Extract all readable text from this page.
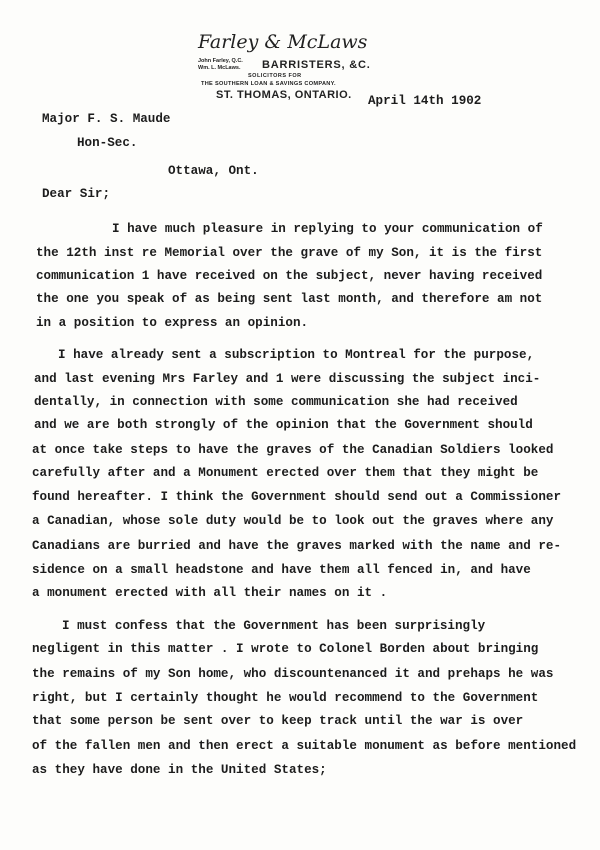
Farley & McLaws
John Farley, Q.C.
Wm. L. McLaws. BARRISTERS, &C.
SOLICITORS FOR
THE SOUTHERN LOAN & SAVINGS COMPANY.
ST. THOMAS, ONTARIO. April 14th 1902
Major F. S. Maude
Hon-Sec.
Ottawa, Ont.
Dear Sir;
I have much pleasure in replying to your communication of
the 12th inst re Memorial over the grave of my Son, it is the first
communication 1 have received on the subject, never having received
the one you speak of as being sent last month, and therefore am not
in a position to express an opinion.
I have already sent a subscription to Montreal for the purpose,
and last evening Mrs Farley and 1 were discussing the subject inci-
dentally, in connection with some communication she had received
and we are both strongly of the opinion that the Government should
at once take steps to have the graves of the Canadian Soldiers looked
carefully after and a Monument erected over them that they might be
found hereafter. I think the Government should send out a Commissioner
a Canadian, whose sole duty would be to look out the graves where any
Canadians are burried and have the graves marked with the name and re-
sidence on a small headstone and have them all fenced in, and have
a monument erected with all their names on it .
I must confess that the Government has been surprisingly
negligent in this matter . I wrote to Colonel Borden about bringing
the remains of my Son home, who discountenanced it and prehaps he was
right, but I certainly thought he would recommend to the Government
that some person be sent over to keep track until the war is over
of the fallen men and then erect a suitable monument as before mentioned
as they have done in the United States;
